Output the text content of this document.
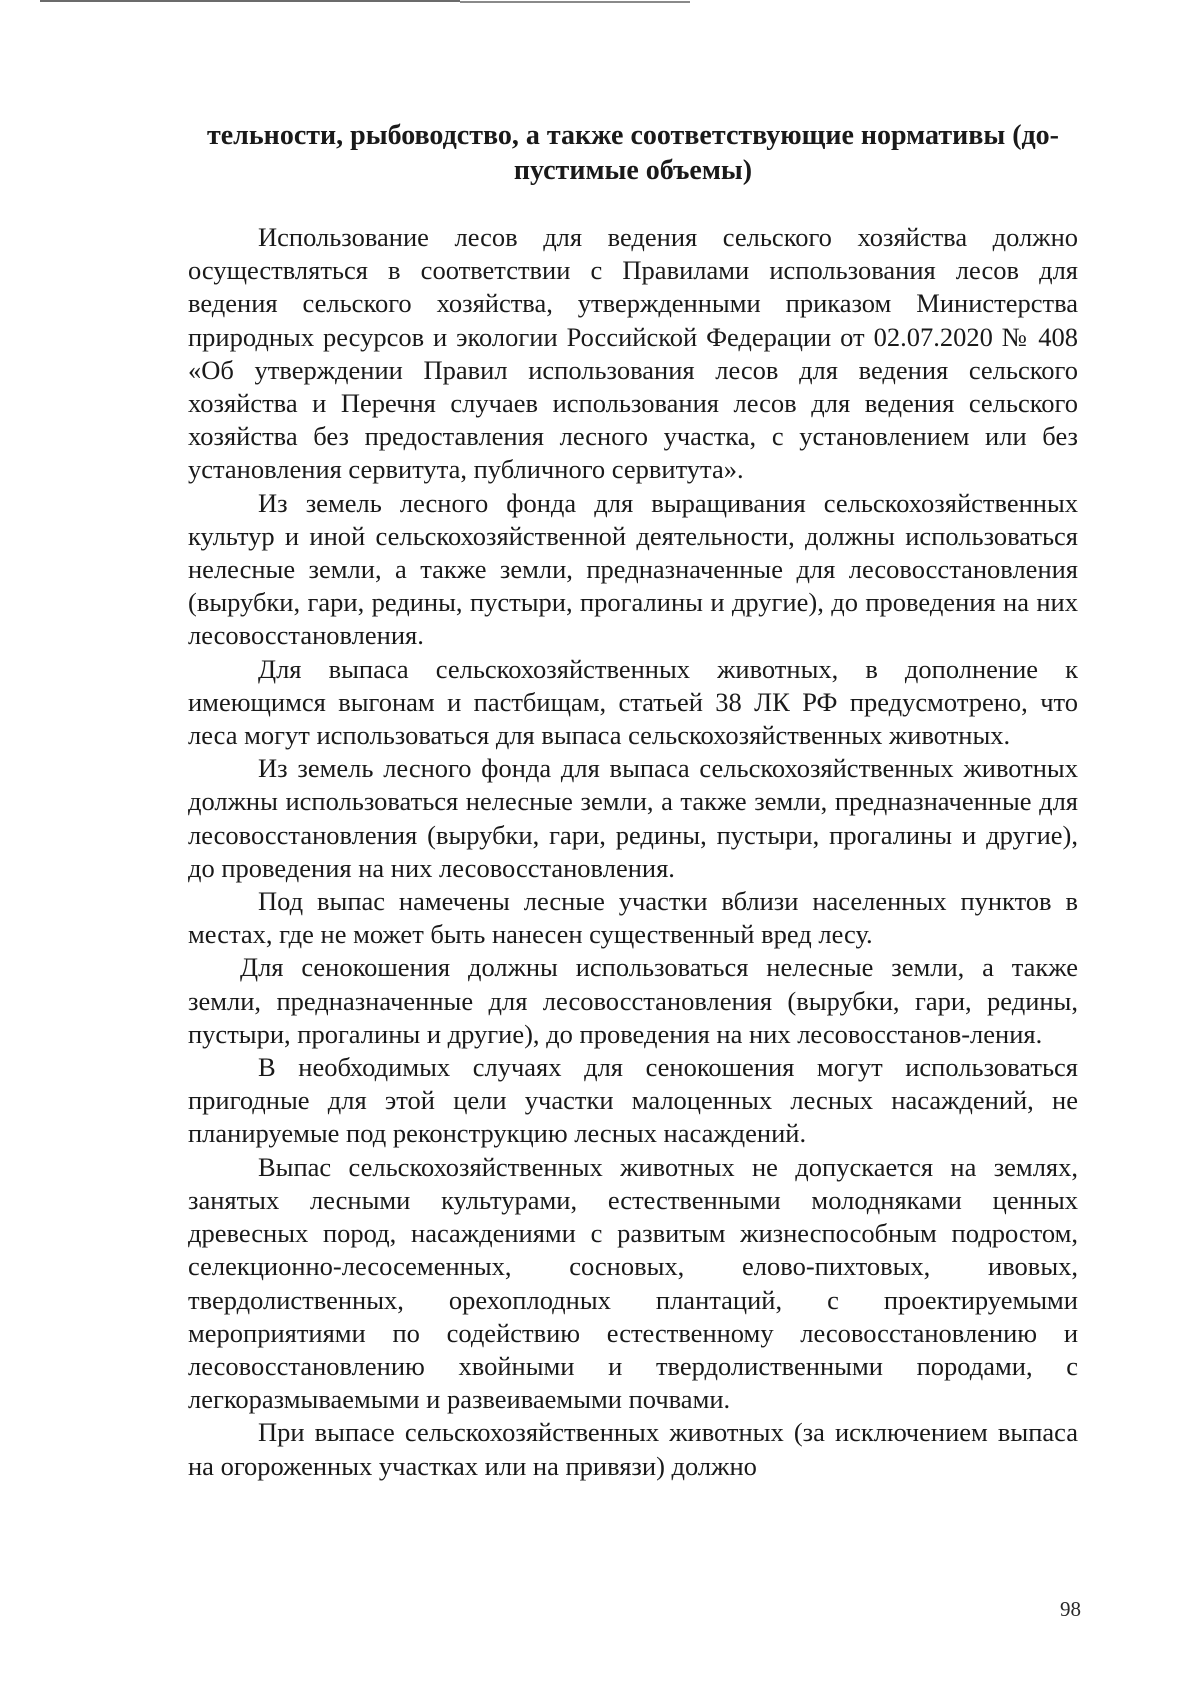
тельности, рыбоводство, а также соответствующие нормативы (до-пустимые объемы)

Использование лесов для ведения сельского хозяйства должно осуществляться в соответствии с Правилами использования лесов для ведения сельского хозяйства, утвержденными приказом Министерства природных ресурсов и экологии Российской Федерации от 02.07.2020 № 408 «Об утверждении Правил использования лесов для ведения сельского хозяйства и Перечня случаев использования лесов для ведения сельского хозяйства без предоставления лесного участка, с установлением или без установления сервитута, публичного сервитута».

Из земель лесного фонда для выращивания сельскохозяйственных культур и иной сельскохозяйственной деятельности, должны использоваться нелесные земли, а также земли, предназначенные для лесовосстановления (вырубки, гари, редины, пустыри, прогалины и другие), до проведения на них лесовосстановления.

Для выпаса сельскохозяйственных животных, в дополнение к имеющимся выгонам и пастбищам, статьей 38 ЛК РФ предусмотрено, что леса могут использоваться для выпаса сельскохозяйственных животных.

Из земель лесного фонда для выпаса сельскохозяйственных животных должны использоваться нелесные земли, а также земли, предназначенные для лесовосстановления (вырубки, гари, редины, пустыри, прогалины и другие), до проведения на них лесовосстановления.

Под выпас намечены лесные участки вблизи населенных пунктов в местах, где не может быть нанесен существенный вред лесу.

Для сенокошения должны использоваться нелесные земли, а также земли, предназначенные для лесовосстановления (вырубки, гари, редины, пустыри, прогалины и другие), до проведения на них лесовосстанов-ления.

В необходимых случаях для сенокошения могут использоваться пригодные для этой цели участки малоценных лесных насаждений, не планируемые под реконструкцию лесных насаждений.

Выпас сельскохозяйственных животных не допускается на землях, занятых лесными культурами, естественными молодняками ценных древесных пород, насаждениями с развитым жизнеспособным подростом, селекционно-лесосеменных, сосновых, елово-пихтовых, ивовых, твердолиственных, орехоплодных плантаций, с проектируемыми мероприятиями по содействию естественному лесовосстановлению и лесовосстановлению хвойными и твердолиственными породами, с легкоразмываемыми и развеиваемыми почвами.

При выпасе сельскохозяйственных животных (за исключением выпаса на огороженных участках или на привязи) должно

98
